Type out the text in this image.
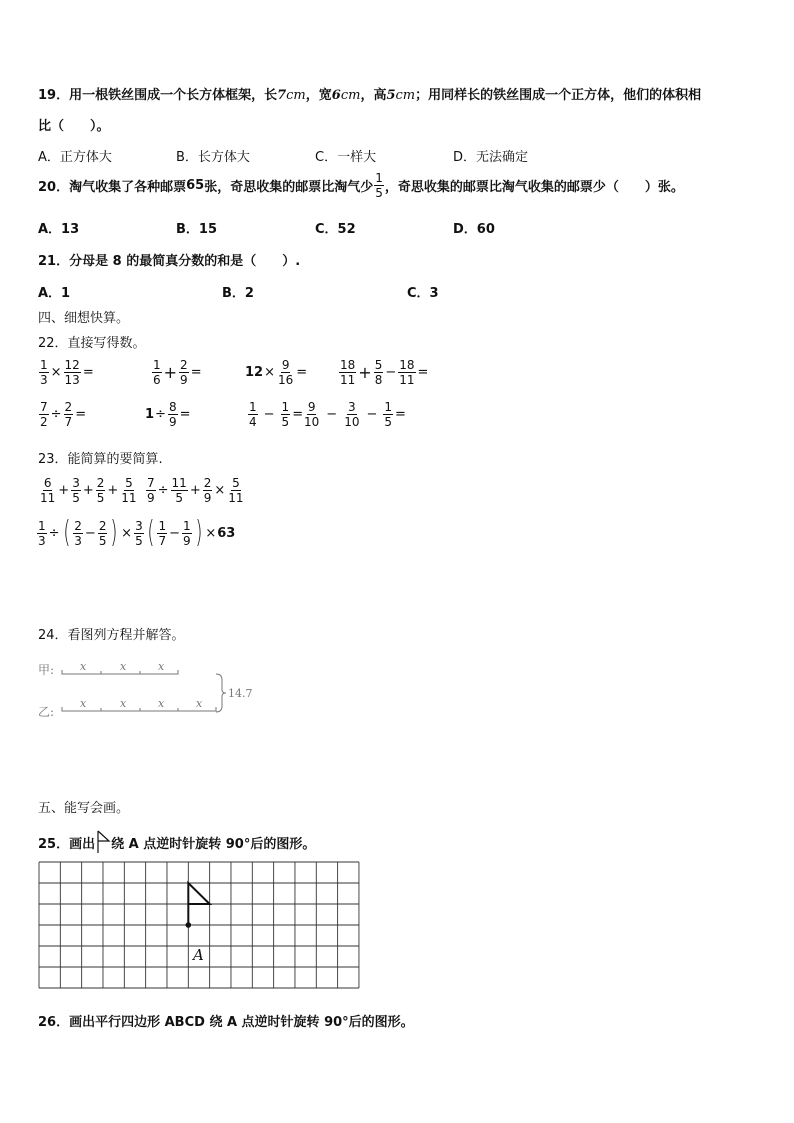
19．用一根铁丝围成一个长方体框架，长7cm，宽6cm，高5cm；用同样长的铁丝围成一个正方体，他们的体积相
比（　　）。
A．正方体大	B．长方体大	C．一样大	D．无法确定
20． 淘气收集了各种邮票 65 张，奇思收集的邮票比淘气少 $\frac{1}{5}$ ，奇思收集的邮票比淘气收集的邮票少（　　）张。
A．13	B．15	C．52	D．60
21．分母是 8 的最简真分数的和是（　　）.
A．1	B．2	C．3
四、细想快算。
22．直接写得数。
$\frac{1}{3} \times \frac{12}{13}$ =	$\frac{1}{6} + \frac{2}{9}$ =	$12 \times \frac{9}{16}$ =	$\frac{18}{11} + \frac{5}{8} - \frac{18}{11}$ =
$\frac{7}{2} \div \frac{2}{7}$ =	$1 \div \frac{8}{9}$ =	$\frac{1}{4} - \frac{1}{5} = \frac{9}{10} - \frac{3}{10} - \frac{1}{5}$ =
23．能简算的要简算.
$\frac{6}{11} + \frac{3}{5} + \frac{2}{5} + \frac{5}{11} \frac{7}{9} \div \frac{11}{5} + \frac{2}{9} \times \frac{5}{11}$
$\frac{1}{3}$ ÷ ( $\frac{2}{3} - \frac{2}{5}$ ) × $\frac{3}{5}$ ( $\frac{1}{7} - \frac{1}{9}$ ) × 63
24．看图列方程并解答。
甲: x	x	x
乙:
x	x	x	x
14.7
五、能写会画。
25．画出 绕 A 点逆时针旋转 90°后的图形。
A
26．画出平行四边形 ABCD 绕 A 点逆时针旋转 90°后的图形。
